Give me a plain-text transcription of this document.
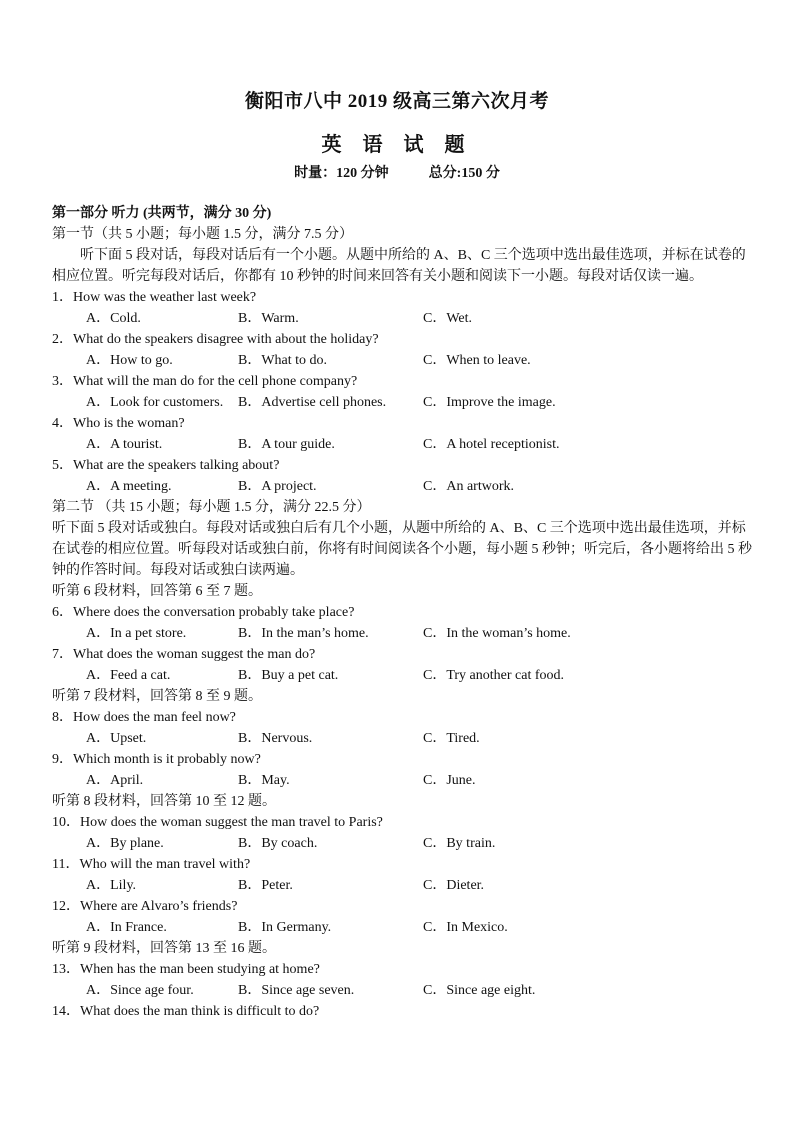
衡阳市八中 2019 级高三第六次月考
英 语 试 题
时量：120 分钟	总分:150 分
第一部分 听力 (共两节，满分 30 分)
第一节（共 5 小题；每小题 1.5 分，满分 7.5 分）
听下面 5 段对话，每段对话后有一个小题。从题中所给的 A、B、C 三个选项中选出最佳选项，并标在试卷的相应位置。听完每段对话后，你都有 10 秒钟的时间来回答有关小题和阅读下一小题。每段对话仅读一遍。
1．How was the weather last week?
A．Cold.	B．Warm.	C．Wet.
2．What do the speakers disagree with about the holiday?
A．How to go.	B．What to do.	C．When to leave.
3．What will the man do for the cell phone company?
A．Look for customers.	B．Advertise cell phones.	C．Improve the image.
4．Who is the woman?
A．A tourist.	B．A tour guide.	C．A hotel receptionist.
5．What are the speakers talking about?
A．A meeting.	B．A project.	C．An artwork.
第二节 （共 15 小题；每小题 1.5 分，满分 22.5 分）
听下面 5 段对话或独白。每段对话或独白后有几个小题，从题中所给的 A、B、C 三个选项中选出最佳选项，并标在试卷的相应位置。听每段对话或独白前，你将有时间阅读各个小题，每小题 5 秒钟；听完后，各小题将给出 5 秒钟的作答时间。每段对话或独白读两遍。
听第 6 段材料，回答第 6 至 7 题。
6．Where does the conversation probably take place?
A．In a pet store.	B．In the man’s home.	C．In the woman’s home.
7．What does the woman suggest the man do?
A．Feed a cat.	B．Buy a pet cat.	C．Try another cat food.
听第 7 段材料，回答第 8 至 9 题。
8．How does the man feel now?
A．Upset.	B．Nervous.	C．Tired.
9．Which month is it probably now?
A．April.	B．May.	C．June.
听第 8 段材料，回答第 10 至 12 题。
10．How does the woman suggest the man travel to Paris?
A．By plane.	B．By coach.	C．By train.
11．Who will the man travel with?
A．Lily.	B．Peter.	C．Dieter.
12．Where are Alvaro’s friends?
A．In France.	B．In Germany.	C．In Mexico.
听第 9 段材料，回答第 13 至 16 题。
13．When has the man been studying at home?
A．Since age four.	B．Since age seven.	C．Since age eight.
14．What does the man think is difficult to do?
